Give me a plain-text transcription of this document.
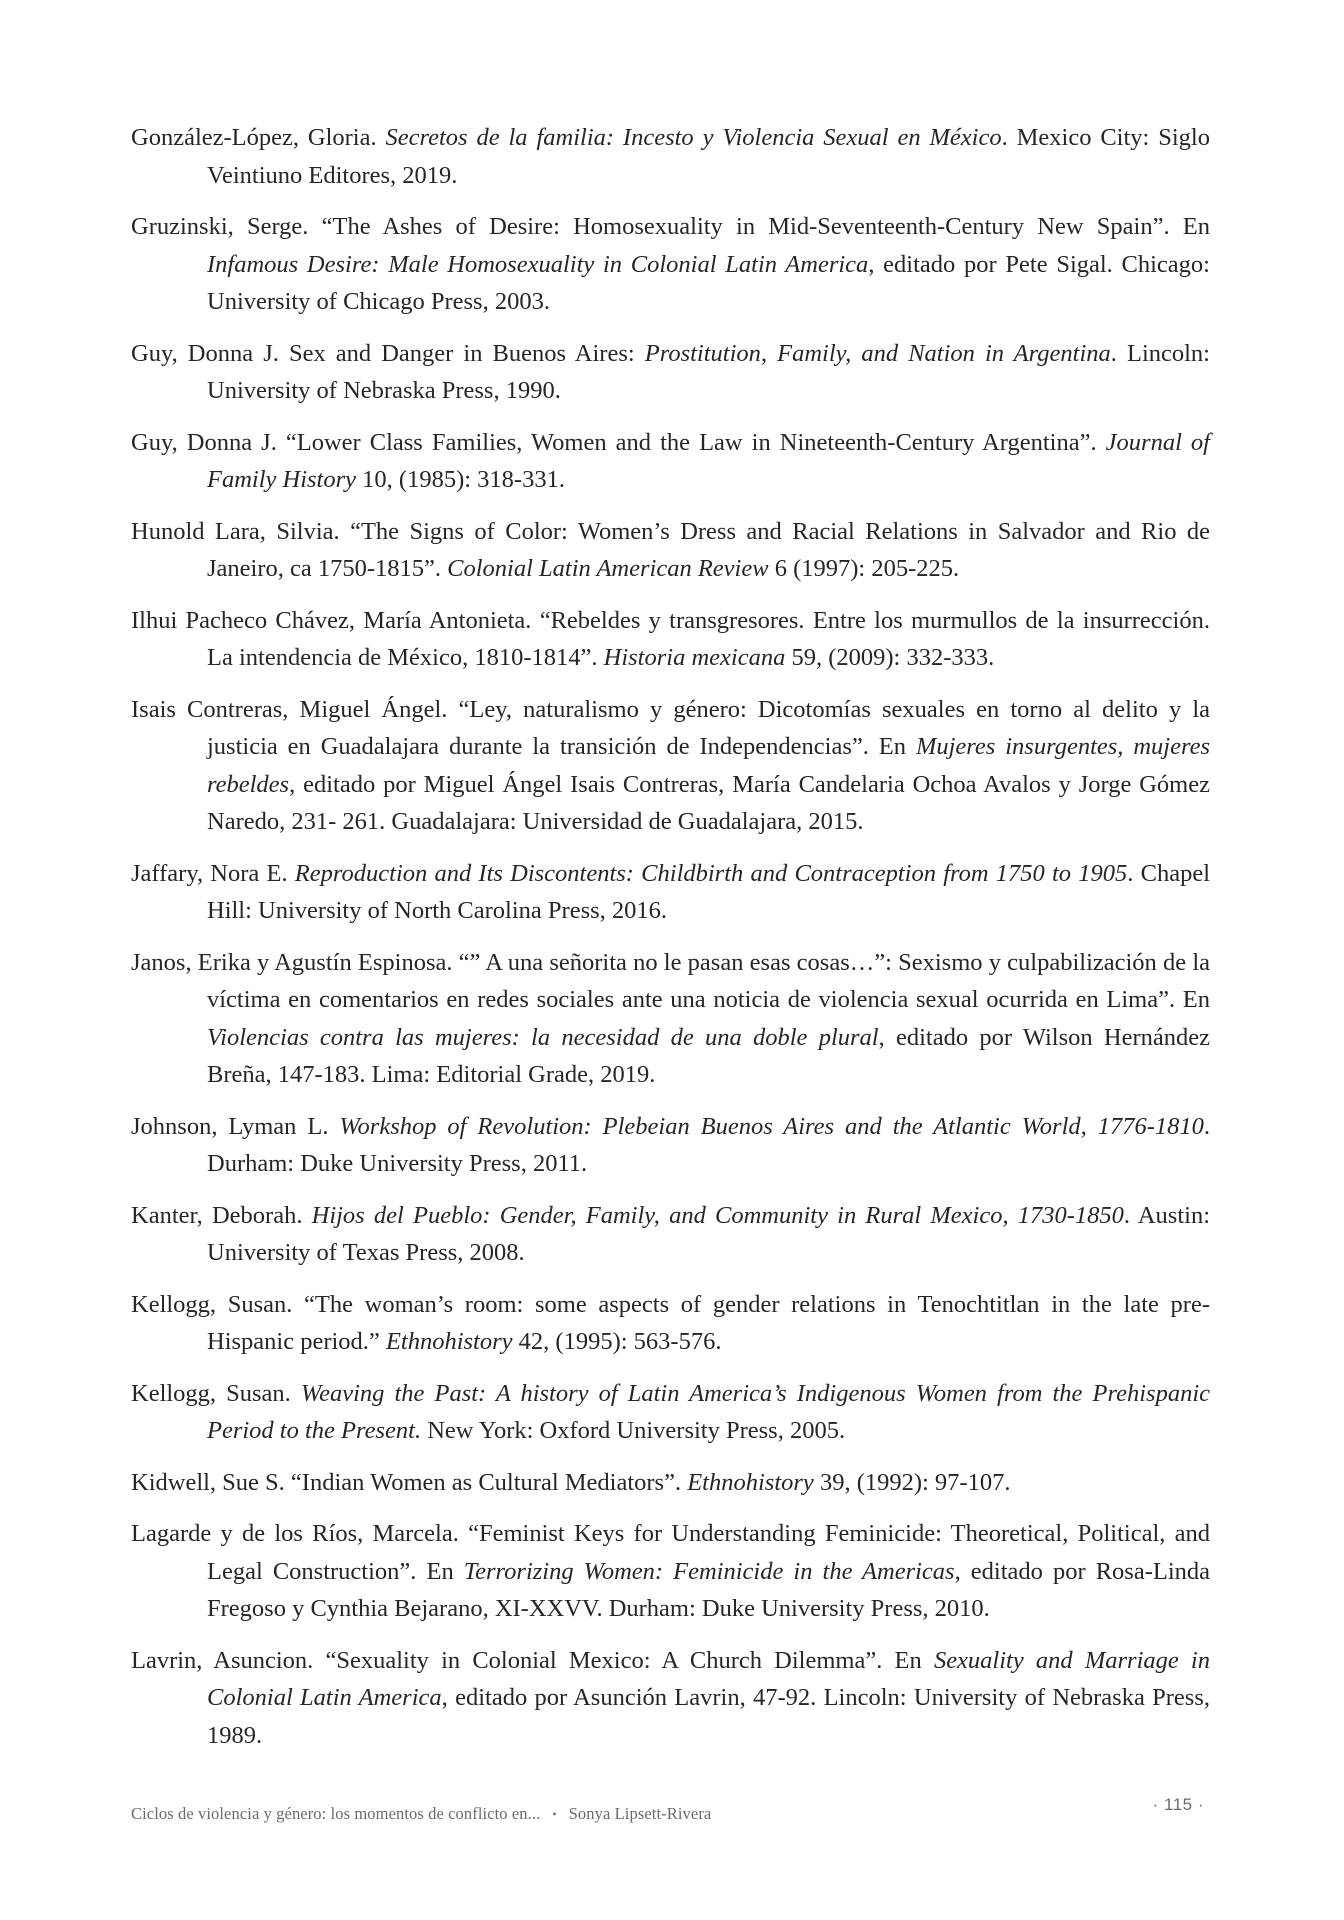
González-López, Gloria. Secretos de la familia: Incesto y Violencia Sexual en México. Mexico City: Siglo Veintiuno Editores, 2019.

Gruzinski, Serge. “The Ashes of Desire: Homosexuality in Mid-Seventeenth-Century New Spain”. En Infamous Desire: Male Homosexuality in Colonial Latin America, editado por Pete Sigal. Chicago: University of Chicago Press, 2003.

Guy, Donna J. Sex and Danger in Buenos Aires: Prostitution, Family, and Nation in Argentina. Lincoln: University of Nebraska Press, 1990.

Guy, Donna J. “Lower Class Families, Women and the Law in Nineteenth-Century Argentina”. Journal of Family History 10, (1985): 318-331.

Hunold Lara, Silvia. “The Signs of Color: Women’s Dress and Racial Relations in Salvador and Rio de Janeiro, ca 1750-1815”. Colonial Latin American Review 6 (1997): 205-225.

Ilhui Pacheco Chávez, María Antonieta. “Rebeldes y transgresores. Entre los murmullos de la insurrección. La intendencia de México, 1810-1814”. Historia mexicana 59, (2009): 332-333.

Isais Contreras, Miguel Ángel. “Ley, naturalismo y género: Dicotomías sexuales en torno al delito y la justicia en Guadalajara durante la transición de Independencias”. En Mujeres insurgentes, mujeres rebeldes, editado por Miguel Ángel Isais Contreras, María Candelaria Ochoa Avalos y Jorge Gómez Naredo, 231- 261. Guadalajara: Universidad de Guadalajara, 2015.

Jaffary, Nora E. Reproduction and Its Discontents: Childbirth and Contraception from 1750 to 1905. Chapel Hill: University of North Carolina Press, 2016.

Janos, Erika y Agustín Espinosa. “” A una señorita no le pasan esas cosas…”: Sexismo y culpabilización de la víctima en comentarios en redes sociales ante una noticia de violencia sexual ocurrida en Lima”. En Violencias contra las mujeres: la necesidad de una doble plural, editado por Wilson Hernández Breña, 147-183. Lima: Editorial Grade, 2019.

Johnson, Lyman L. Workshop of Revolution: Plebeian Buenos Aires and the Atlantic World, 1776-1810. Durham: Duke University Press, 2011.

Kanter, Deborah. Hijos del Pueblo: Gender, Family, and Community in Rural Mexico, 1730-1850. Austin: University of Texas Press, 2008.

Kellogg, Susan. “The woman’s room: some aspects of gender relations in Tenochtitlan in the late pre-Hispanic period.” Ethnohistory 42, (1995): 563-576.

Kellogg, Susan. Weaving the Past: A history of Latin America’s Indigenous Women from the Prehispanic Period to the Present. New York: Oxford University Press, 2005.

Kidwell, Sue S. “Indian Women as Cultural Mediators”. Ethnohistory 39, (1992): 97-107.

Lagarde y de los Ríos, Marcela. “Feminist Keys for Understanding Feminicide: Theoretical, Political, and Legal Construction”. En Terrorizing Women: Feminicide in the Americas, editado por Rosa-Linda Fregoso y Cynthia Bejarano, XI-XXVV. Durham: Duke University Press, 2010.

Lavrin, Asuncion. “Sexuality in Colonial Mexico: A Church Dilemma”. En Sexuality and Marriage in Colonial Latin America, editado por Asunción Lavrin, 47-92. Lincoln: University of Nebraska Press, 1989.

Ciclos de violencia y género: los momentos de conflicto en... • Sonya Lipsett-Rivera	· 115 ·
